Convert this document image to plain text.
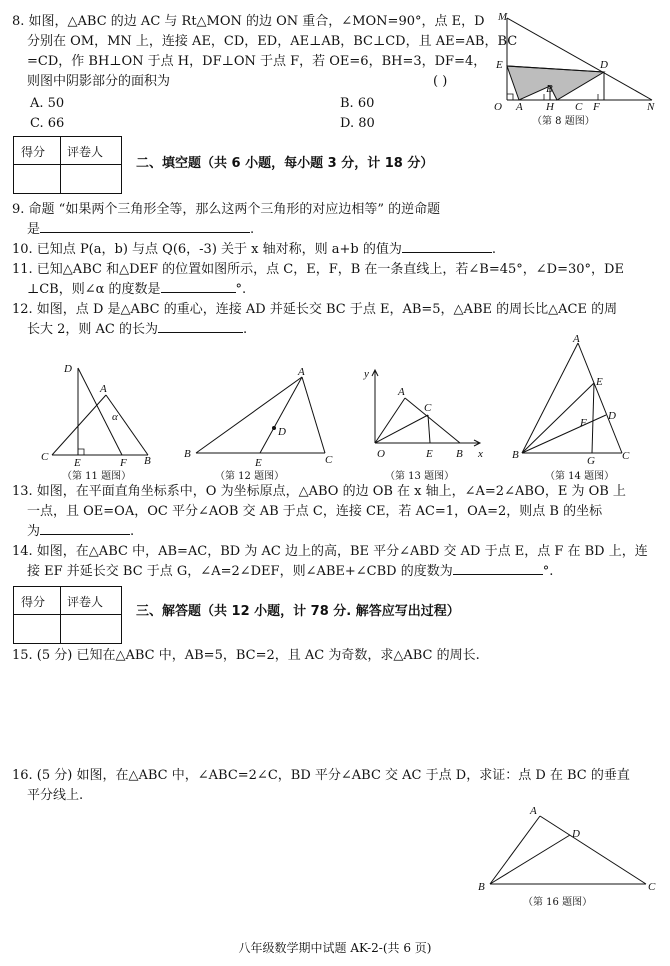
8. 如图，△ABC 的边 AC 与 Rt△MON 的边 ON 重合，∠MON=90°，点 E，D
分别在 OM，MN 上，连接 AE，CD，ED，AE⊥AB，BC⊥CD，且 AE=AB，BC
=CD，作 BH⊥ON 于点 H，DF⊥ON 于点 F，若 OE=6，BH=3，DF=4，
则图中阴影部分的面积为	( )
A. 50	B. 60
C. 66	D. 80
M
E	D
B
O A H C F	N
（第 8 题图）
得分 评卷人
二、填空题（共 6 小题，每小题 3 分，计 18 分）
9. 命题 “如果两个三角形全等，那么这两个三角形的对应边相等” 的逆命题
是	.
10. 已知点 P(a，b) 与点 Q(6，-3) 关于 x 轴对称，则 a+b 的值为	.
11. 已知△ABC 和△DEF 的位置如图所示，点 C，E，F，B 在一条直线上，若∠B=45°，∠D=30°，DE
⊥CB，则∠α 的度数是	°.
12. 如图，点 D 是△ABC 的重心，连接 AD 并延长交 BC 于点 E，AB=5，△ABE 的周长比△ACE 的周
长大 2，则 AC 的长为	.
D
A
α
C E	F B
（第 11 题图）
A
D
B
E	C
（第 12 题图）
y
A
C
O	E B x
（第 13 题图）
A
E
D
F
B	G C
（第 14 题图）
13. 如图，在平面直角坐标系中，O 为坐标原点，△ABO 的边 OB 在 x 轴上，∠A=2∠ABO，E 为 OB 上
一点，且 OE=OA，OC 平分∠AOB 交 AB 于点 C，连接 CE，若 AC=1，OA=2，则点 B 的坐标
为	.
14. 如图，在△ABC 中，AB=AC，BD 为 AC 边上的高，BE 平分∠ABD 交 AD 于点 E，点 F 在 BD 上，连
接 EF 并延长交 BC 于点 G，∠A=2∠DEF，则∠ABE+∠CBD 的度数为	°.
得分 评卷人
三、解答题（共 12 小题，计 78 分. 解答应写出过程）
15. (5 分) 已知在△ABC 中，AB=5，BC=2，且 AC 为奇数，求△ABC 的周长.
16. (5 分) 如图，在△ABC 中，∠ABC=2∠C，BD 平分∠ABC 交 AC 于点 D，求证：点 D 在 BC 的垂直
平分线上.
A
D
B	C
（第 16 题图）
八年级数学期中试题 AK-2-(共 6 页)
